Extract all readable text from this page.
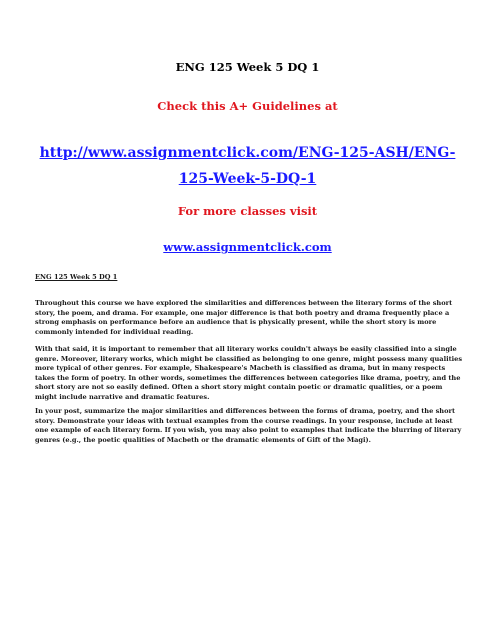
ENG 125 Week 5 DQ 1
Check this A+ Guidelines at
http://www.assignmentclick.com/ENG-125-ASH/ENG-125-Week-5-DQ-1
For more classes visit
www.assignmentclick.com
ENG 125 Week 5 DQ 1

Throughout this course we have explored the similarities and differences between the literary forms of the short story, the poem, and drama. For example, one major difference is that both poetry and drama frequently place a strong emphasis on performance before an audience that is physically present, while the short story is more commonly intended for individual reading.

With that said, it is important to remember that all literary works couldn't always be easily classified into a single genre. Moreover, literary works, which might be classified as belonging to one genre, might possess many qualities more typical of other genres. For example, Shakespeare's Macbeth is classified as drama, but in many respects takes the form of poetry. In other words, sometimes the differences between categories like drama, poetry, and the short story are not so easily defined. Often a short story might contain poetic or dramatic qualities, or a poem might include narrative and dramatic features.

In your post, summarize the major similarities and differences between the forms of drama, poetry, and the short story. Demonstrate your ideas with textual examples from the course readings. In your response, include at least one example of each literary form. If you wish, you may also point to examples that indicate the blurring of literary genres (e.g., the poetic qualities of Macbeth or the dramatic elements of Gift of the Magi).
